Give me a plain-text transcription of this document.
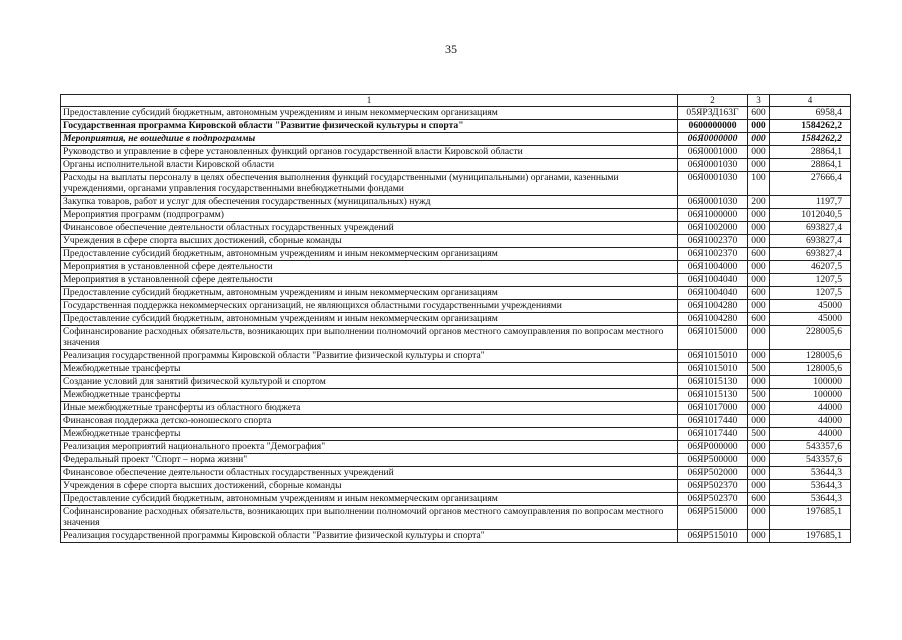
35
1	2	3	4
Предоставление субсидий бюджетным, автономным учреждениям и иным некоммерческим организациям	05ЯРЗД163Г	600	6958,4
Государственная программа Кировской области "Развитие физической культуры и спорта"	0600000000	000	1584262,2
Мероприятия, не вошедшие в подпрограммы	06Я0000000	000	1584262,2
Руководство и управление в сфере установленных функций органов государственной власти Кировской области	06Я0001000	000	28864,1
Органы исполнительной власти Кировской области	06Я0001030	000	28864,1
Расходы на выплаты персоналу в целях обеспечения выполнения функций государственными (муниципальными) органами, казенными учреждениями, органами управления государственными внебюджетными фондами	06Я0001030	100	27666,4
Закупка товаров, работ и услуг для обеспечения государственных (муниципальных) нужд	06Я0001030	200	1197,7
Мероприятия программ (подпрограмм)	06Я1000000	000	1012040,5
Финансовое обеспечение деятельности областных государственных учреждений	06Я1002000	000	693827,4
Учреждения в сфере спорта высших достижений, сборные команды	06Я1002370	000	693827,4
Предоставление субсидий бюджетным, автономным учреждениям и иным некоммерческим организациям	06Я1002370	600	693827,4
Мероприятия в установленной сфере деятельности	06Я1004000	000	46207,5
Мероприятия в установленной сфере деятельности	06Я1004040	000	1207,5
Предоставление субсидий бюджетным, автономным учреждениям и иным некоммерческим организациям	06Я1004040	600	1207,5
Государственная поддержка некоммерческих организаций, не являющихся областными государственными учреждениями	06Я1004280	000	45000
Предоставление субсидий бюджетным, автономным учреждениям и иным некоммерческим организациям	06Я1004280	600	45000
Софинансирование расходных обязательств, возникающих при выполнении полномочий органов местного самоуправления по вопросам местного значения	06Я1015000	000	228005,6
Реализация государственной программы Кировской области "Развитие физической культуры и спорта"	06Я1015010	000	128005,6
Межбюджетные трансферты	06Я1015010	500	128005,6
Создание условий для занятий физической культурой и спортом	06Я1015130	000	100000
Межбюджетные трансферты	06Я1015130	500	100000
Иные межбюджетные трансферты из областного бюджета	06Я1017000	000	44000
Финансовая поддержка детско-юношеского спорта	06Я1017440	000	44000
Межбюджетные трансферты	06Я1017440	500	44000
Реализация мероприятий национального проекта "Демография"	06ЯР000000	000	543357,6
Федеральный проект "Спорт – норма жизни"	06ЯР500000	000	543357,6
Финансовое обеспечение деятельности областных государственных учреждений	06ЯР502000	000	53644,3
Учреждения в сфере спорта высших достижений, сборные команды	06ЯР502370	000	53644,3
Предоставление субсидий бюджетным, автономным учреждениям и иным некоммерческим организациям	06ЯР502370	600	53644,3
Софинансирование расходных обязательств, возникающих при выполнении полномочий органов местного самоуправления по вопросам местного значения	06ЯР515000	000	197685,1
Реализация государственной программы Кировской области "Развитие физической культуры и спорта"	06ЯР515010	000	197685,1
